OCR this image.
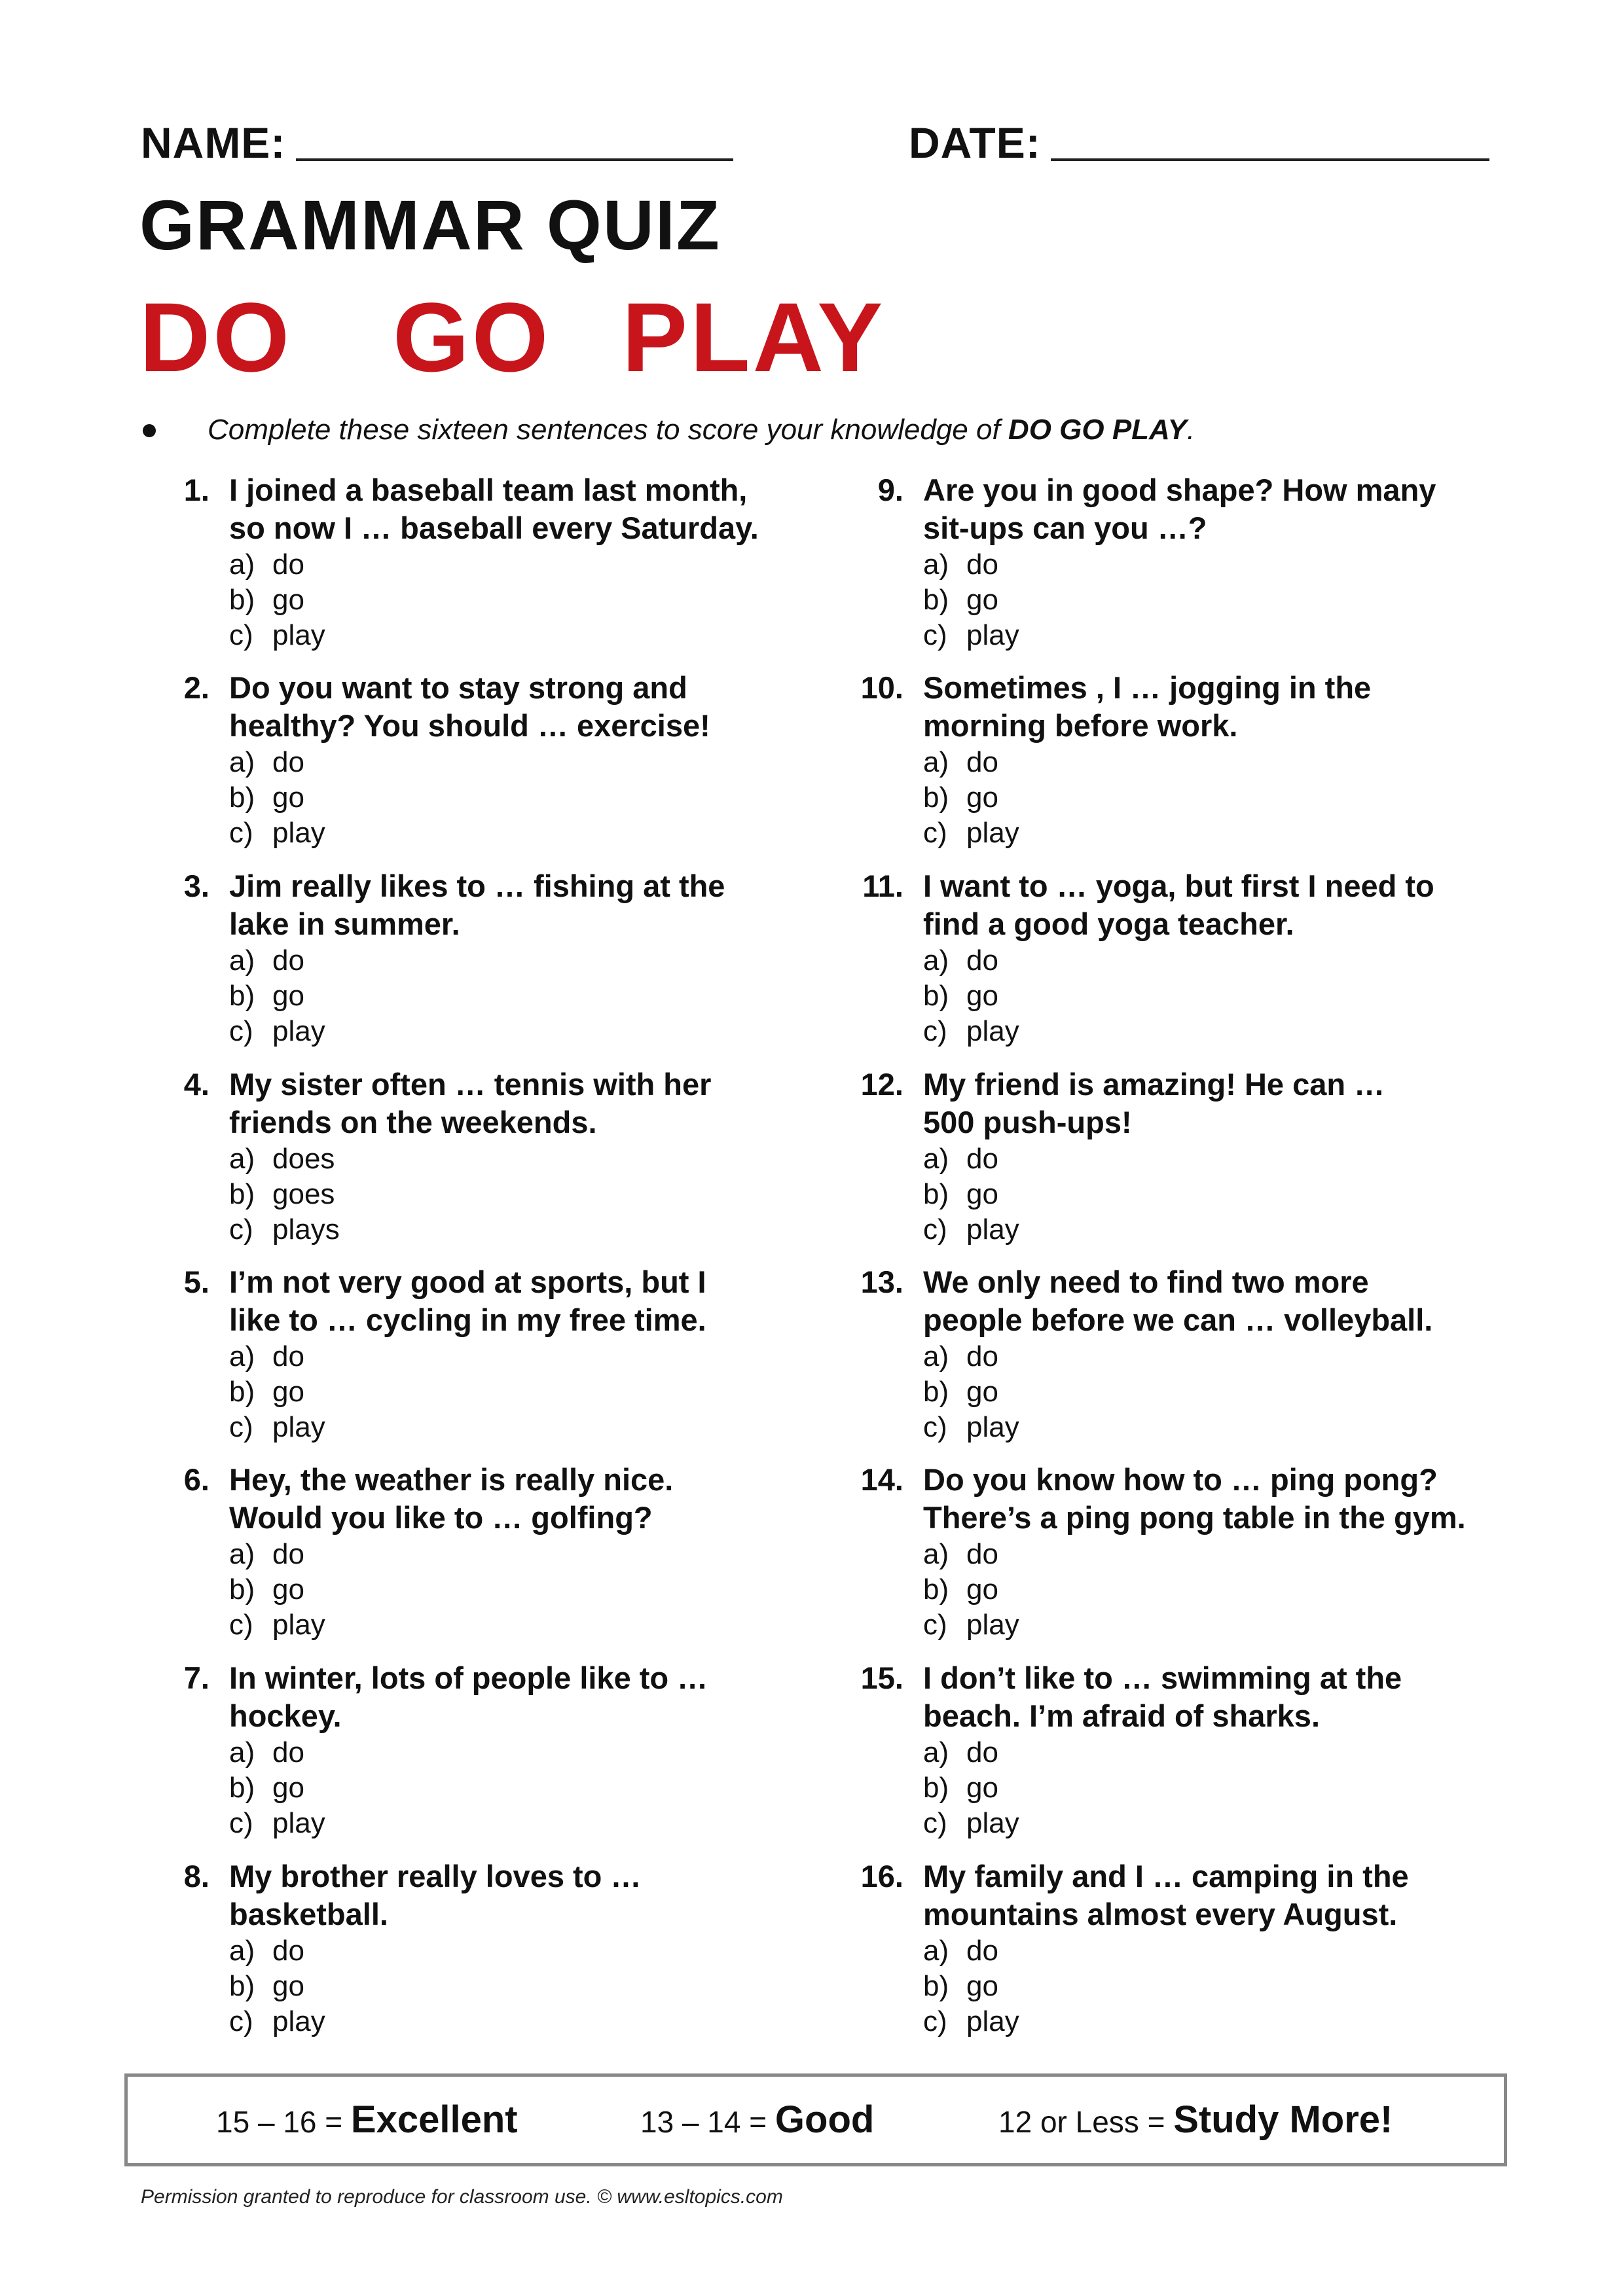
NAME:	DATE:
GRAMMAR QUIZ
DO GO PLAY
Complete these sixteen sentences to score your knowledge of DO GO PLAY.
1. I joined a baseball team last month,
so now I … baseball every Saturday.
a) do
b) go
c) play
2. Do you want to stay strong and
healthy? You should … exercise!
a) do
b) go
c) play
3. Jim really likes to … fishing at the
lake in summer.
a) do
b) go
c) play
4. My sister often … tennis with her
friends on the weekends.
a) does
b) goes
c) plays
5. I’m not very good at sports, but I
like to … cycling in my free time.
a) do
b) go
c) play
6. Hey, the weather is really nice.
Would you like to … golfing?
a) do
b) go
c) play
7. In winter, lots of people like to …
hockey.
a) do
b) go
c) play
8. My brother really loves to …
basketball.
a) do
b) go
c) play
9. Are you in good shape? How many
sit-ups can you …?
a) do
b) go
c) play
10. Sometimes , I … jogging in the
morning before work.
a) do
b) go
c) play
11. I want to … yoga, but first I need to
find a good yoga teacher.
a) do
b) go
c) play
12. My friend is amazing! He can …
500 push-ups!
a) do
b) go
c) play
13. We only need to find two more
people before we can … volleyball.
a) do
b) go
c) play
14. Do you know how to … ping pong?
There’s a ping pong table in the gym.
a) do
b) go
c) play
15. I don’t like to … swimming at the
beach. I’m afraid of sharks.
a) do
b) go
c) play
16. My family and I … camping in the
mountains almost every August.
a) do
b) go
c) play
15 – 16 = Excellent	13 – 14 = Good	12 or Less = Study More!
Permission granted to reproduce for classroom use. © www.esltopics.com
